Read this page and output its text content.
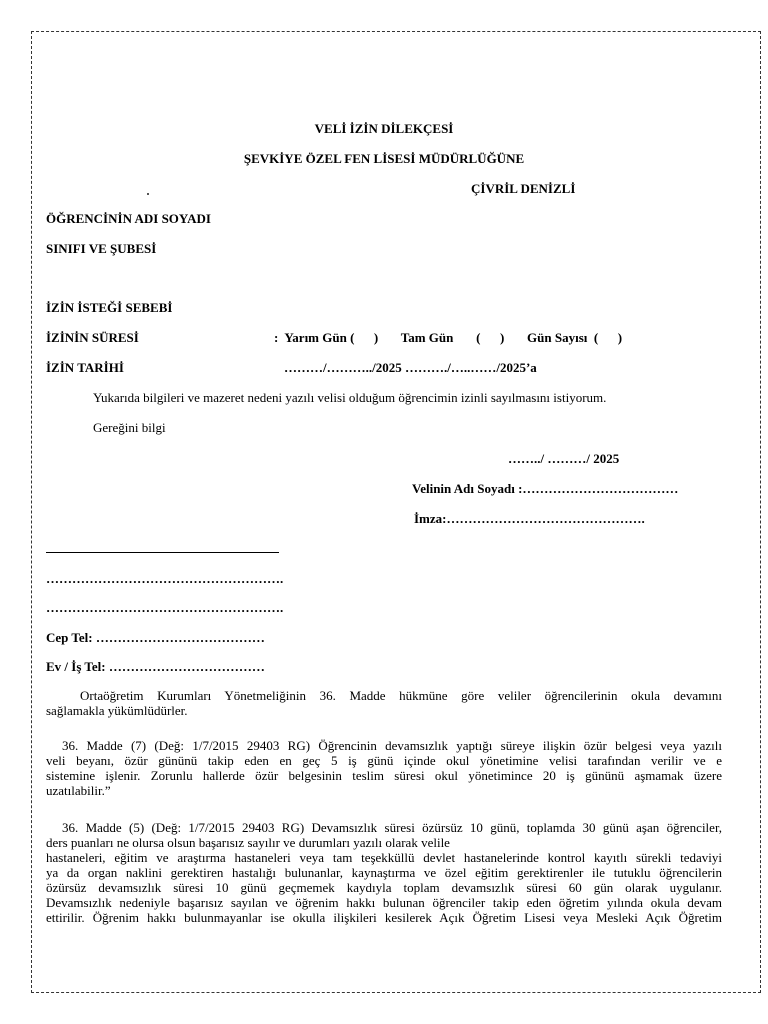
VELİ İZİN DİLEKÇESİ
ŞEVKİYE ÖZEL FEN LİSESİ MÜDÜRLÜĞÜNE
ÇİVRİL DENİZLİ
ÖĞRENCİNİN ADI SOYADI
SINIFI VE ŞUBESİ
İZİN İSTEĞİ SEBEBİ
İZİNİN SÜRESİ	:  Yarım Gün (      )       Tam Gün       (      )       Gün Sayısı  (      )
İZİN TARİHİ	………/………../2025 ………./…..……/2025’a
Yukarıda bilgileri ve mazeret nedeni yazılı velisi olduğum öğrencimin izinli sayılmasını istiyorum.
Gereğini bilgi
……../ ………/ 2025
Velinin Adı Soyadı :………………………………
İmza:……………………………………….
……………………………………………….
……………………………………………….
Cep Tel: …………………………………
Ev / İş Tel: ………………………………
Ortaöğretim Kurumları Yönetmeliğinin 36. Madde hükmüne göre veliler öğrencilerinin okula devamını
sağlamakla yükümlüdürler.
36. Madde (7) (Değ: 1/7/2015 29403 RG) Öğrencinin devamsızlık yaptığı süreye ilişkin özür belgesi veya yazılı
veli beyanı, özür gününü takip eden en geç 5 iş günü içinde okul yönetimine velisi tarafından verilir ve e
sistemine işlenir. Zorunlu hallerde özür belgesinin teslim süresi okul yönetimince 20 iş gününü aşmamak üzere
uzatılabilir.”
36. Madde (5) (Değ: 1/7/2015 29403 RG) Devamsızlık süresi özürsüz 10 günü, toplamda 30 günü aşan öğrenciler,
ders puanları ne olursa olsun başarısız sayılır ve durumları yazılı olarak velile
hastaneleri, eğitim ve araştırma hastaneleri veya tam teşekküllü devlet hastanelerinde kontrol kayıtlı sürekli tedaviyi
ya da organ naklini gerektiren hastalığı bulunanlar, kaynaştırma ve özel eğitim gerektirenler ile tutuklu öğrencilerin
özürsüz devamsızlık süresi 10 günü geçmemek kaydıyla toplam devamsızlık süresi 60 gün olarak uygulanır.
Devamsızlık nedeniyle başarısız sayılan ve öğrenim hakkı bulunan öğrenciler takip eden öğretim yılında okula devam
ettirilir. Öğrenim hakkı bulunmayanlar ise okulla ilişkileri kesilerek Açık Öğretim Lisesi veya Mesleki Açık Öğretim
